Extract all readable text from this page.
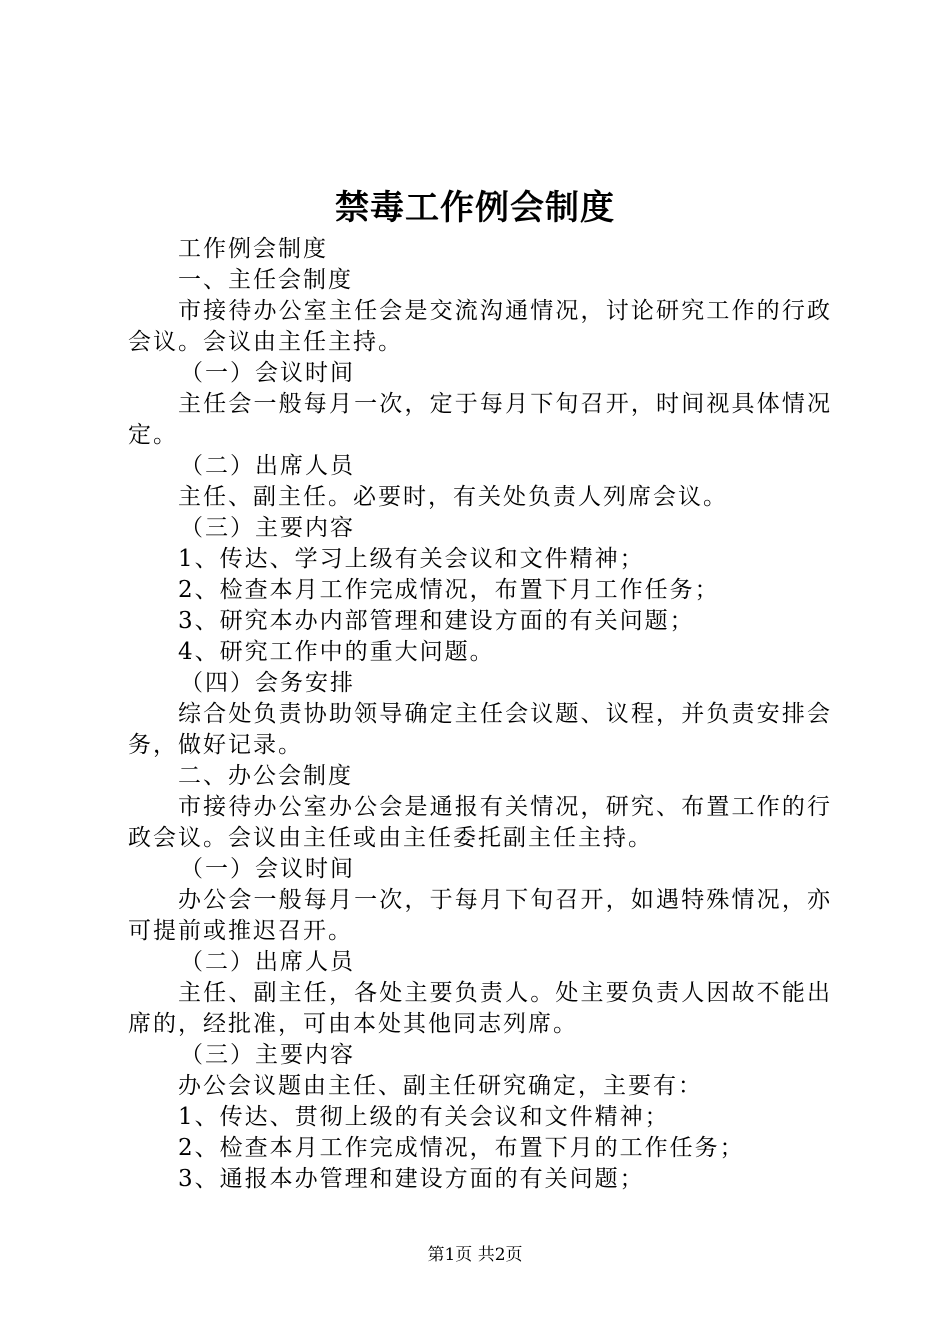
禁毒工作例会制度

工作例会制度

一、主任会制度

市接待办公室主任会是交流沟通情况，讨论研究工作的行政会议。会议由主任主持。

（一）会议时间

主任会一般每月一次，定于每月下旬召开，时间视具体情况定。

（二）出席人员

主任、副主任。必要时，有关处负责人列席会议。

（三）主要内容

1、传达、学习上级有关会议和文件精神；

2、检查本月工作完成情况，布置下月工作任务；

3、研究本办内部管理和建设方面的有关问题；

4、研究工作中的重大问题。

（四）会务安排

综合处负责协助领导确定主任会议题、议程，并负责安排会务，做好记录。

二、办公会制度

市接待办公室办公会是通报有关情况，研究、布置工作的行政会议。会议由主任或由主任委托副主任主持。

（一）会议时间

办公会一般每月一次，于每月下旬召开，如遇特殊情况，亦可提前或推迟召开。

（二）出席人员

主任、副主任，各处主要负责人。处主要负责人因故不能出席的，经批准，可由本处其他同志列席。

（三）主要内容

办公会议题由主任、副主任研究确定，主要有：

1、传达、贯彻上级的有关会议和文件精神；

2、检查本月工作完成情况，布置下月的工作任务；

3、通报本办管理和建设方面的有关问题；

第1页 共2页
